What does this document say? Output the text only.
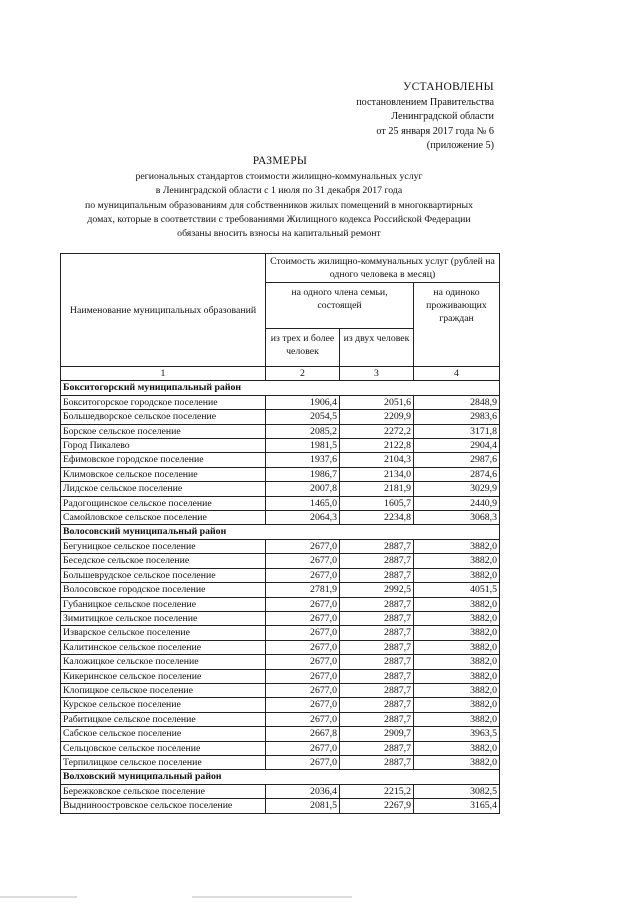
УСТАНОВЛЕНЫ
постановлением Правительства
Ленинградской области
от 25 января 2017 года № 6
(приложение 5)
РАЗМЕРЫ
региональных стандартов стоимости жилищно-коммунальных услуг
в Ленинградской области с 1 июля по 31 декабря 2017 года
по муниципальным образованиям для собственников жилых помещений в многоквартирных
домах, которые в соответствии с требованиями Жилищного кодекса Российской Федерации
обязаны вносить взносы на капитальный ремонт
Наименование муниципальных образований	Стоимость жилищно-коммунальных услуг (рублей на одного человека в месяц)		
	на одного члена семьи, состоящей		на одиноко проживающих граждан
	из трех и более человек	из двух человек	
1	2	3	4
Бокситогорский муниципальный район			
Бокситогорское городское поселение	1906,4	2051,6	2848,9
Большедворское сельское поселение	2054,5	2209,9	2983,6
Борское сельское поселение	2085,2	2272,2	3171,8
Город Пикалево	1981,5	2122,8	2904,4
Ефимовское городское поселение	1937,6	2104,3	2987,6
Климовское сельское поселение	1986,7	2134,0	2874,6
Лидское сельское поселение	2007,8	2181,9	3029,9
Радогощинское сельское поселение	1465,0	1605,7	2440,9
Самойловское сельское поселение	2064,3	2234,8	3068,3
Волосовский муниципальный район			
Бегуницкое сельское поселение	2677,0	2887,7	3882,0
Беседское сельское поселение	2677,0	2887,7	3882,0
Большеврудское сельское поселение	2677,0	2887,7	3882,0
Волосовское городское поселение	2781,9	2992,5	4051,5
Губаницкое сельское поселение	2677,0	2887,7	3882,0
Зимитицкое сельское поселение	2677,0	2887,7	3882,0
Изварское сельское поселение	2677,0	2887,7	3882,0
Калитинское сельское поселение	2677,0	2887,7	3882,0
Каложицкое сельское поселение	2677,0	2887,7	3882,0
Кикеринское сельское поселение	2677,0	2887,7	3882,0
Клопицкое сельское поселение	2677,0	2887,7	3882,0
Курское сельское поселение	2677,0	2887,7	3882,0
Рабитицкое сельское поселение	2677,0	2887,7	3882,0
Сабское сельское поселение	2667,8	2909,7	3963,5
Сельцовское сельское поселение	2677,0	2887,7	3882,0
Терпилицкое сельское поселение	2677,0	2887,7	3882,0
Волховский муниципальный район			
Бережковское сельское поселение	2036,4	2215,2	3082,5
Выдниноостровское сельское поселение	2081,5	2267,9	3165,4
